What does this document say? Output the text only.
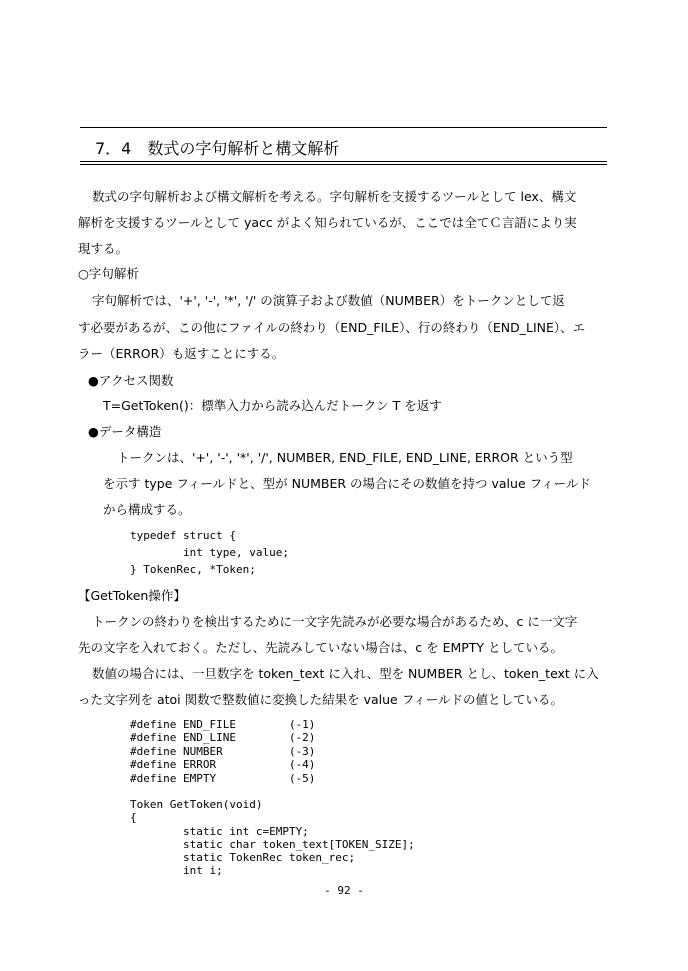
7．4　数式の字句解析と構文解析
数式の字句解析および構文解析を考える。字句解析を支援するツールとして lex、構文
解析を支援するツールとして yacc がよく知られているが、ここでは全てＣ言語により実
現する。
○字句解析
字句解析では、'+', '-', '*', '/' の演算子および数値（NUMBER）をトークンとして返
す必要があるが、この他にファイルの終わり（END_FILE）、行の終わり（END_LINE）、エ
ラー（ERROR）も返すことにする。
●アクセス関数
T=GetToken()：標準入力から読み込んだトークン T を返す
●データ構造
トークンは、'+', '-', '*', '/', NUMBER, END_FILE, END_LINE, ERROR という型
を示す type フィールドと、型が NUMBER の場合にその数値を持つ value フィールド
から構成する。
typedef struct {
int type, value;
} TokenRec, *Token;
【GetToken操作】
トークンの終わりを検出するために一文字先読みが必要な場合があるため、c に一文字
先の文字を入れておく。ただし、先読みしていない場合は、c を EMPTY としている。
数値の場合には、一旦数字を token_text に入れ、型を NUMBER とし、token_text に入
った文字列を atoi 関数で整数値に変換した結果を value フィールドの値としている。
#define END_FILE        (-1)
#define END_LINE        (-2)
#define NUMBER          (-3)
#define ERROR           (-4)
#define EMPTY           (-5)
Token GetToken(void)
{
static int c=EMPTY;
static char token_text[TOKEN_SIZE];
static TokenRec token_rec;
int i;
- 92 -
